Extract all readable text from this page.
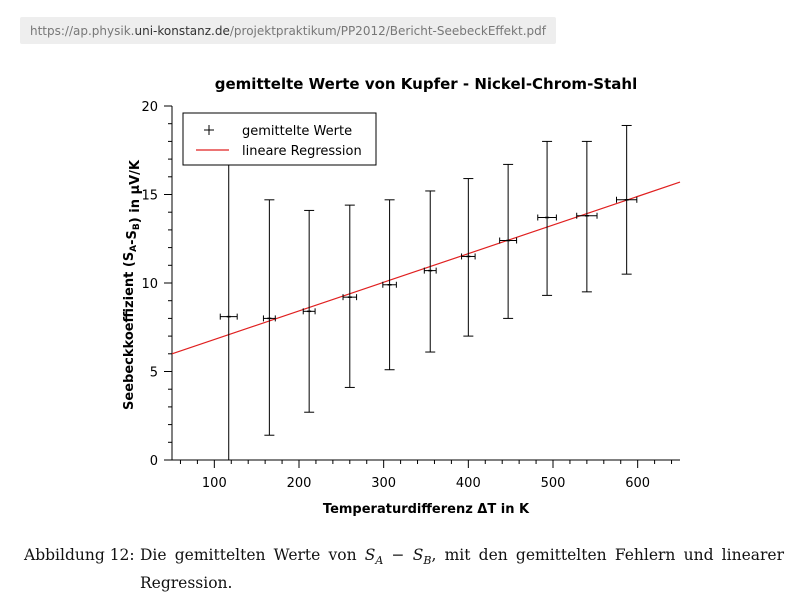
https://ap.physik. uni-konstanz.de /projektpraktikum/PP2012/Bericht-SeebeckEffekt.pdf
gemittelte Werte von Kupfer - Nickel-Chrom-Stahl
0
5
10
15
20
100	200	300	400	500	600
Temperaturdifferenz ΔT in K
Seebeckkoeffizient $(S_A-S_B)$ in µV/K
gemittelte Werte
lineare Regression
Abbildung 12: Die gemittelten Werte von $S_A - S_B$, mit den gemittelten Fehlern und linearer Regression.
